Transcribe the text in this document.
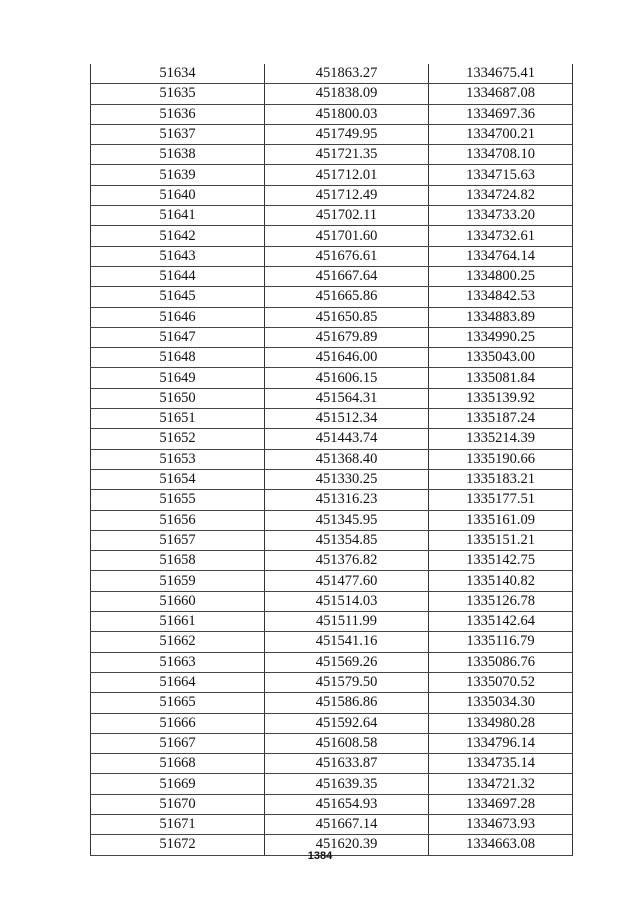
51634	451863.27	1334675.41
51635	451838.09	1334687.08
51636	451800.03	1334697.36
51637	451749.95	1334700.21
51638	451721.35	1334708.10
51639	451712.01	1334715.63
51640	451712.49	1334724.82
51641	451702.11	1334733.20
51642	451701.60	1334732.61
51643	451676.61	1334764.14
51644	451667.64	1334800.25
51645	451665.86	1334842.53
51646	451650.85	1334883.89
51647	451679.89	1334990.25
51648	451646.00	1335043.00
51649	451606.15	1335081.84
51650	451564.31	1335139.92
51651	451512.34	1335187.24
51652	451443.74	1335214.39
51653	451368.40	1335190.66
51654	451330.25	1335183.21
51655	451316.23	1335177.51
51656	451345.95	1335161.09
51657	451354.85	1335151.21
51658	451376.82	1335142.75
51659	451477.60	1335140.82
51660	451514.03	1335126.78
51661	451511.99	1335142.64
51662	451541.16	1335116.79
51663	451569.26	1335086.76
51664	451579.50	1335070.52
51665	451586.86	1335034.30
51666	451592.64	1334980.28
51667	451608.58	1334796.14
51668	451633.87	1334735.14
51669	451639.35	1334721.32
51670	451654.93	1334697.28
51671	451667.14	1334673.93
51672	451620.39	1334663.08
1384
